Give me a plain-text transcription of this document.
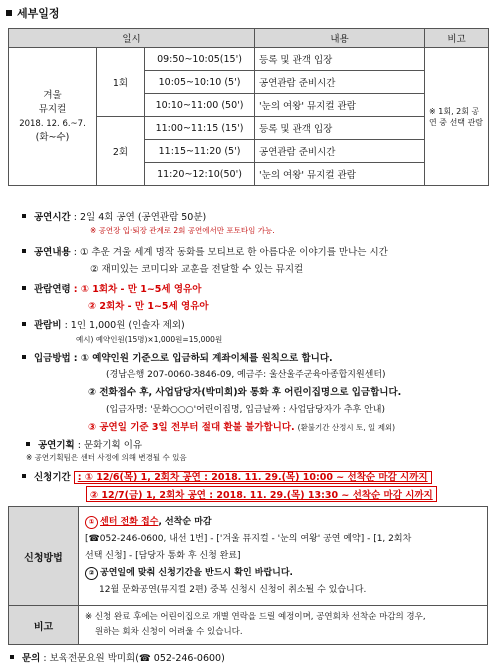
세부일정
일시			내용	비고

겨울
뮤지컬
2018. 12. 6.~7.
(화~수)	1회	09:50~10:05(15')	등록 및 관객 입장	※ 1회, 2회 공연 중 선택 관람
		10:05~10:10 (5')	공연관람 준비시간	
		10:10~11:00 (50')	'눈의 여왕' 뮤지컬 관람	
	2회	11:00~11:15 (15')	등록 및 관객 입장	
		11:15~11:20 (5')	공연관람 준비시간	
		11:20~12:10(50')	'눈의 여왕' 뮤지컬 관람	
공연시간 : 2일 4회 공연 (공연관람 50분)
※ 공연장 입·퇴장 관계로 2회 공연에서만 포토타임 가능.
공연내용 : ① 추운 겨울 세계 명작 동화를 모티브로 한 아름다운 이야기를 만나는 시간
② 재미있는 코미디와 교훈을 전달할 수 있는 뮤지컬
관람연령 : ① 1회차 - 만 1~5세 영유아
② 2회차 - 만 1~5세 영유아
관람비 : 1인 1,000원 (인솔자 제외)
예시) 예약인원(15명)×1,000원=15,000원
입금방법 : ① 예약인원 기준으로 입금하되 계좌이체를 원칙으로 합니다.
(경남은행 207-0060-3846-09, 예금주: 울산울주군육아종합지원센터)
② 전화접수 후, 사업담당자(박미희)와 통화 후 어린이집명으로 입금합니다.
(입금자명: '문화○○○'어린이집명, 입금날짜 : 사업담당자가 추후 안내)
③ 공연일 기준 3일 전부터 절대 환불 불가합니다. (환불기간 산정시 토, 일 제외)
공연기획 : 문화기획 이유
※ 공연기획팀은 센터 사정에 의해 변경될 수 있음
신청기간 : ① 12/6(목) 1, 2회차 공연 : 2018. 11. 29.(목) 10:00 ~ 선착순 마감 시까지
② 12/7(금) 1, 2회차 공연 : 2018. 11. 29.(목) 13:30 ~ 선착순 마감 시까지
신청방법	① 센터 전화 접수, 선착순 마감
[☎052-246-0600, 내선 1번] - ['겨울 뮤지컬 - '눈의 여왕' 공연 예약] - [1, 2회차
선택 신청] - [담당자 통화 후 신청 완료]
② 공연일에 맞춰 신청기간을 반드시 확인 바랍니다.
12월 문화공연(뮤지컬 2편) 중복 신청시 신청이 취소될 수 있습니다.

비고	※ 신청 완료 후에는 어린이집으로 개별 연락을 드릴 예정이며, 공연회차 선착순 마감의 경우,
원하는 회차 신청이 어려울 수 있습니다.
문의 : 보육전문요원 박미희(☎ 052-246-0600)
